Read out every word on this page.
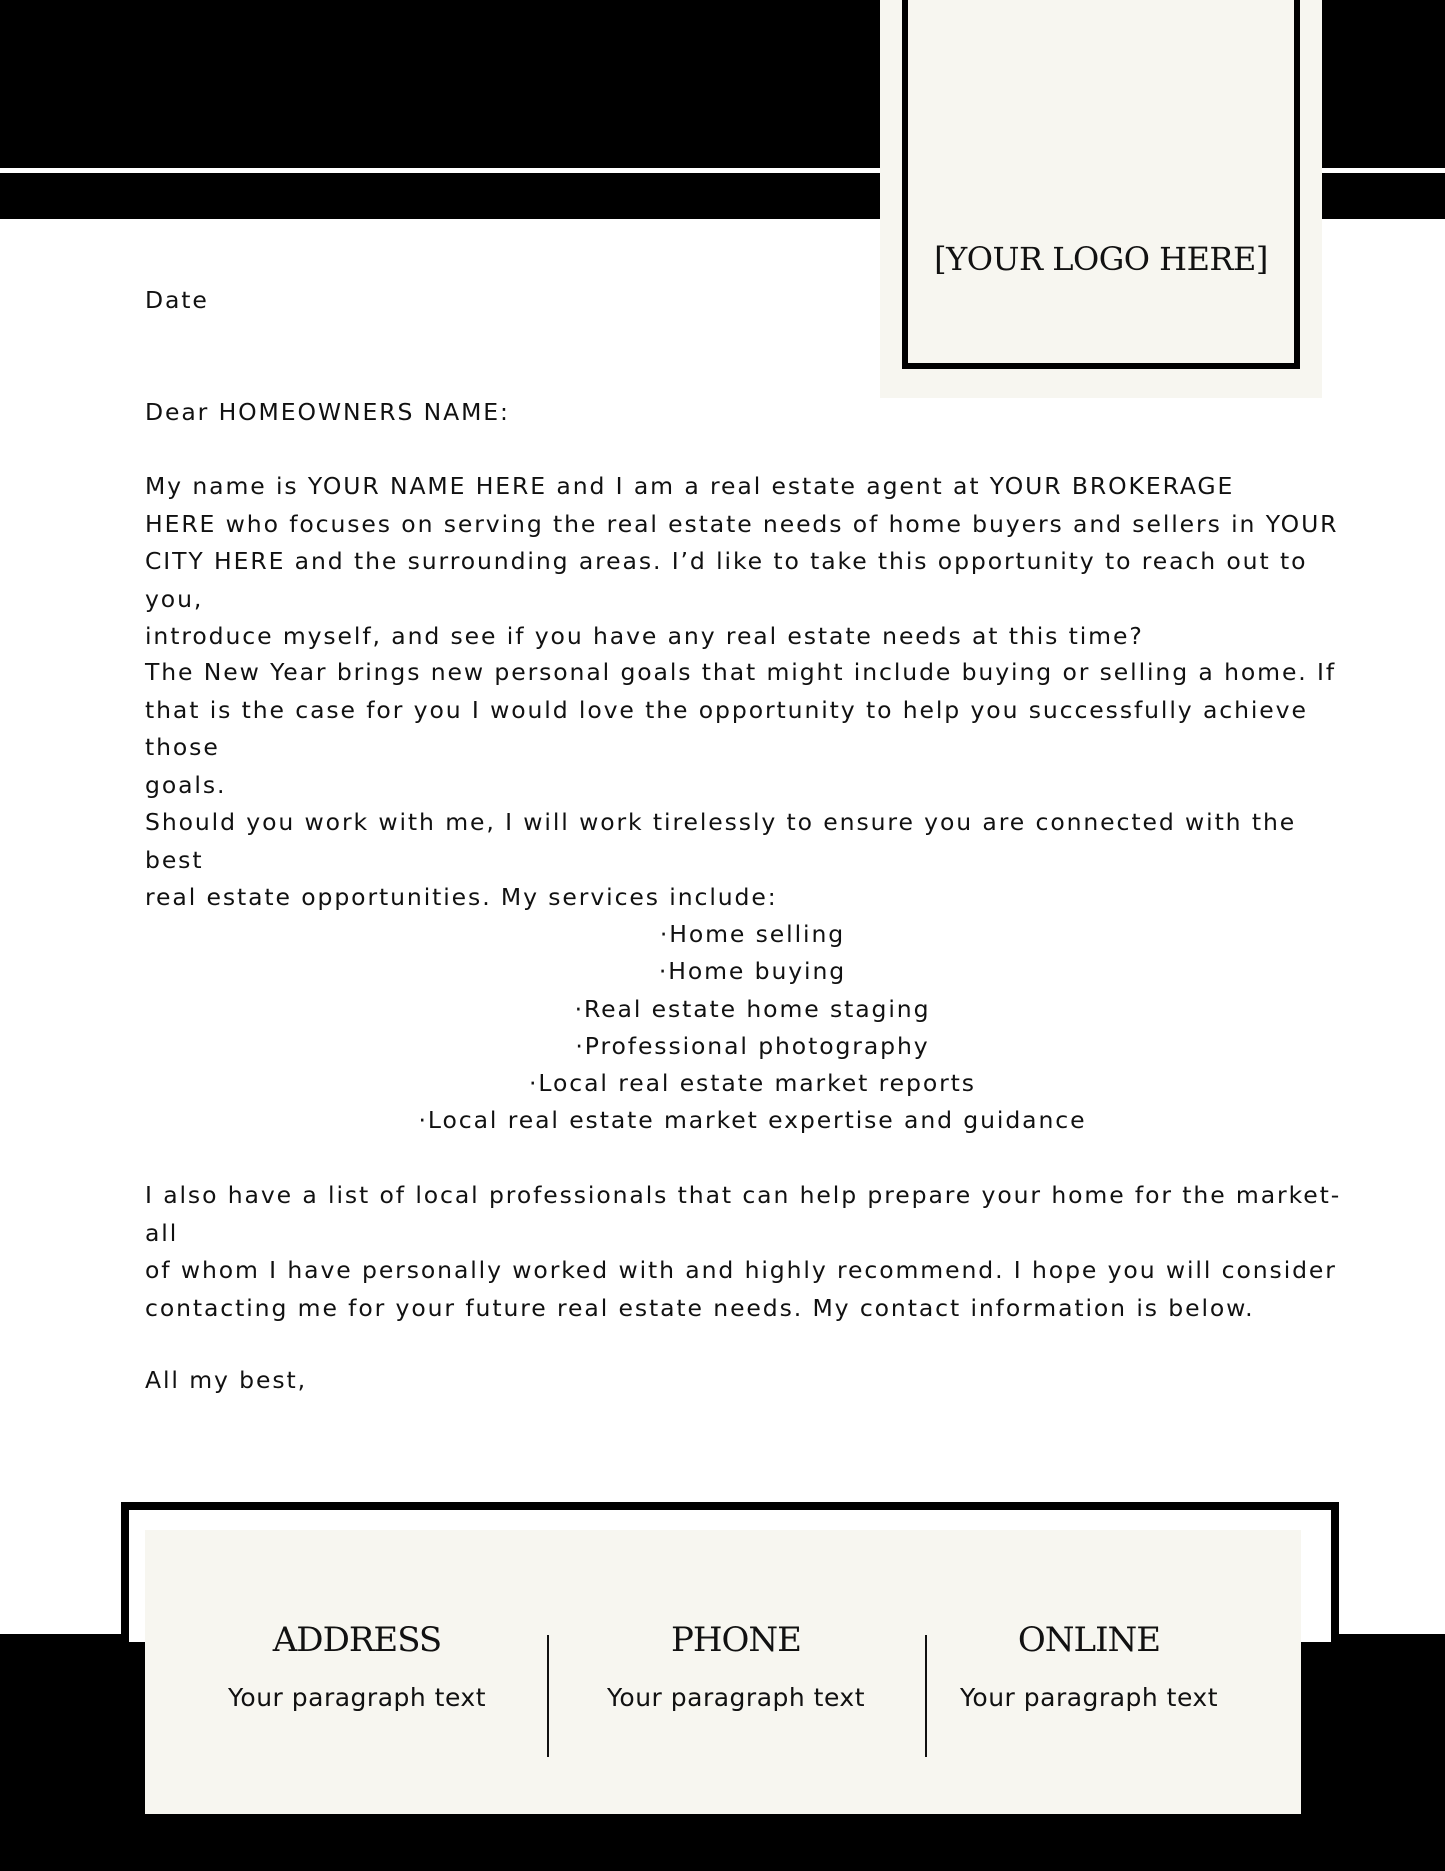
[YOUR LOGO HERE]
Date
Dear HOMEOWNERS NAME:

My name is YOUR NAME HERE and I am a real estate agent at YOUR BROKERAGE

HERE who focuses on serving the real estate needs of home buyers and sellers in YOUR

CITY HERE and the surrounding areas. I’d like to take this opportunity to reach out to you,

introduce myself, and see if you have any real estate needs at this time?

The New Year brings new personal goals that might include buying or selling a home. If

that is the case for you I would love the opportunity to help you successfully achieve those

goals.

Should you work with me, I will work tirelessly to ensure you are connected with the best

real estate opportunities. My services include:

· Home selling
· Home buying
· Real estate home staging
· Professional photography
· Local real estate market reports
· Local real estate market expertise and guidance

I also have a list of local professionals that can help prepare your home for the market- all

of whom I have personally worked with and highly recommend. I hope you will consider

contacting me for your future real estate needs. My contact information is below.

All my best,
ADDRESS
Your paragraph text
PHONE
Your paragraph text
ONLINE
Your paragraph text
